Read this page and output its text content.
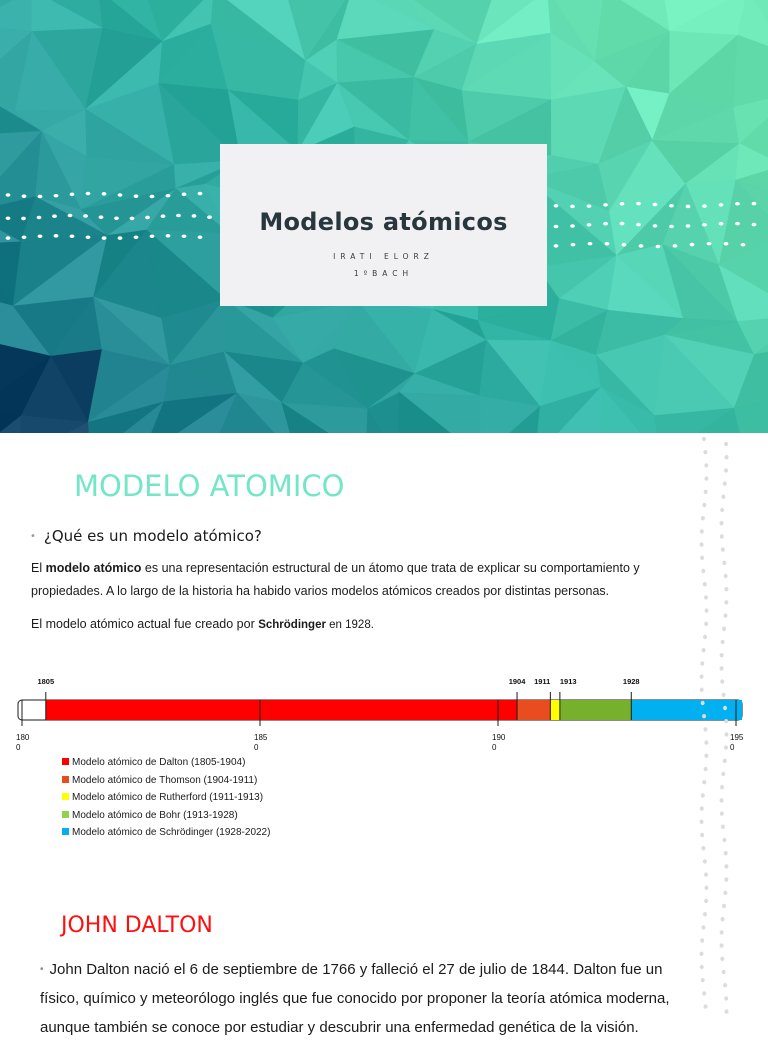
Modelos atómicos
IRATI ELORZ
1ºBACH
MODELO ATOMICO
• ¿Qué es un modelo atómico?
El modelo atómico es una representación estructural de un átomo que trata de explicar su comportamiento y propiedades. A lo largo de la historia ha habido varios modelos atómicos creados por distintas personas.
El modelo atómico actual fue creado por Schrödinger en 1928.
1805	1904 1911 1913	1928
180
0
185
0
190
0
195
0
Modelo atómico de Dalton (1805-1904)
Modelo atómico de Thomson (1904-1911)
Modelo atómico de Rutherford (1911-1913)
Modelo atómico de Bohr (1913-1928)
Modelo atómico de Schrödinger (1928-2022)
JOHN DALTON
• John Dalton nació el 6 de septiembre de 1766 y falleció el 27 de julio de 1844. Dalton fue un físico, químico y meteorólogo inglés que fue conocido por proponer la teoría atómica moderna, aunque también se conoce por estudiar y descubrir una enfermedad genética de la visión.
